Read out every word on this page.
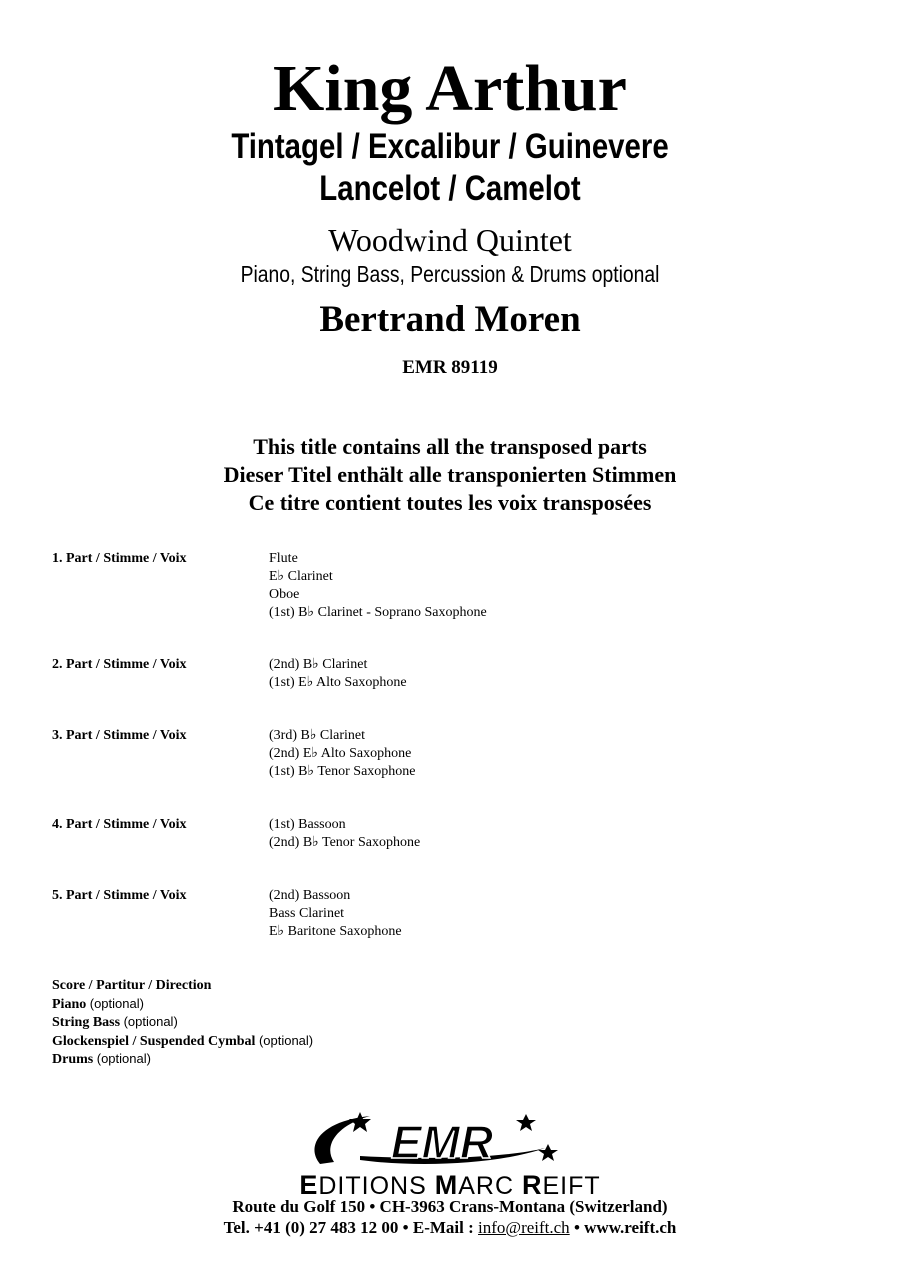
King Arthur
Tintagel / Excalibur / Guinevere
Lancelot / Camelot
Woodwind Quintet
Piano, String Bass, Percussion & Drums optional
Bertrand Moren
EMR 89119
This title contains all the transposed parts
Dieser Titel enthält alle transponierten Stimmen
Ce titre contient toutes les voix transposées
1. Part / Stimme / Voix	Flute
E♭ Clarinet
Oboe
(1st) B♭ Clarinet - Soprano Saxophone
2. Part / Stimme / Voix	(2nd) B♭ Clarinet
(1st) E♭ Alto Saxophone
3. Part / Stimme / Voix	(3rd) B♭ Clarinet
(2nd) E♭ Alto Saxophone
(1st) B♭ Tenor Saxophone
4. Part / Stimme / Voix	(1st) Bassoon
(2nd) B♭ Tenor Saxophone
5. Part / Stimme / Voix	(2nd) Bassoon
Bass Clarinet
E♭ Baritone Saxophone
Score / Partitur / Direction
Piano (optional)
String Bass (optional)
Glockenspiel / Suspended Cymbal (optional)
Drums (optional)
EMR
EDITIONS MARC REIFT
Route du Golf 150 • CH-3963 Crans-Montana (Switzerland)
Tel. +41 (0) 27 483 12 00 • E-Mail : info@reift.ch • www.reift.ch
